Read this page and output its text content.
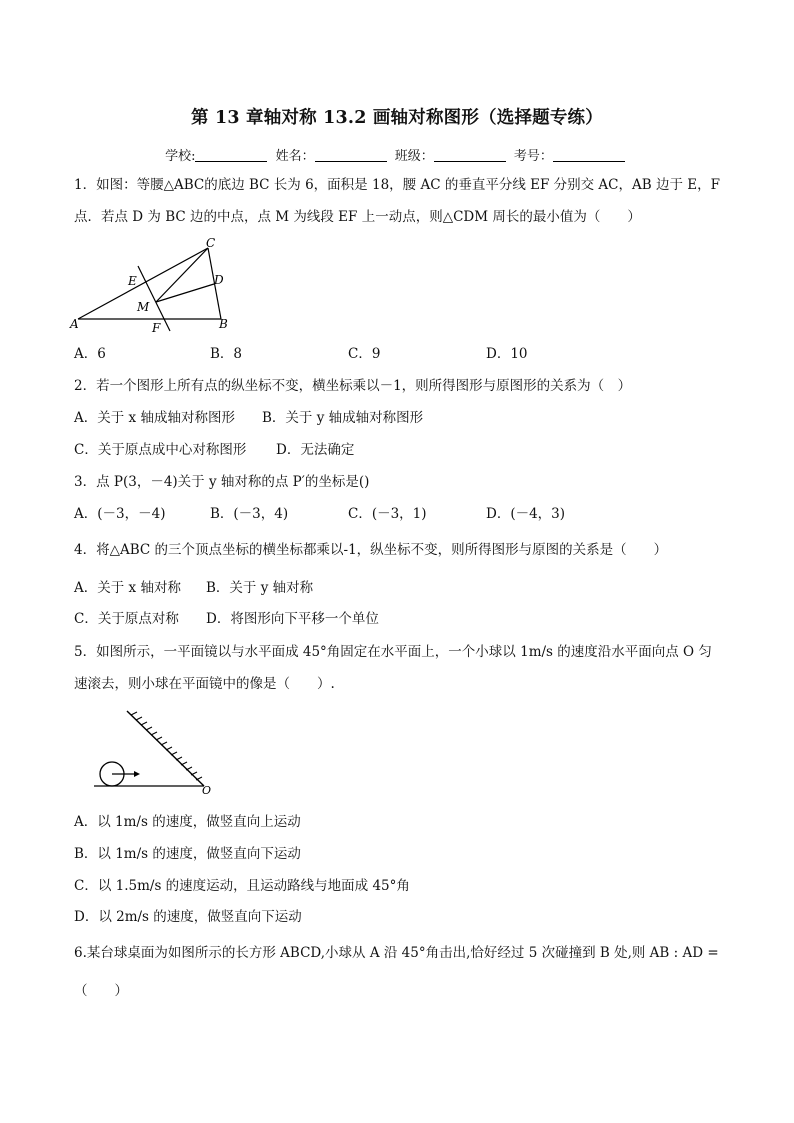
第 13 章轴对称 13.2 画轴对称图形（选择题专练）
学校:	姓名：	班级：	考号：
1．如图：等腰△ABC的底边 BC 长为 6，面积是 18，腰 AC 的垂直平分线 EF 分别交 AC，AB 边于 E，F
点．若点 D 为 BC 边的中点，点 M 为线段 EF 上一动点，则△CDM 周长的最小值为（　　）
A	B
C
D
E
F
M
A．6	B．8	C．9	D．10
2．若一个图形上所有点的纵坐标不变，横坐标乘以－1，则所得图形与原图形的关系为（　）
A．关于 x 轴成轴对称图形 B．关于 y 轴成轴对称图形
C．关于原点成中心对称图形 D．无法确定
3．点 P(3，－4)关于 y 轴对称的点 P′的坐标是()
A．(－3，－4)	B．(－3，4)	C．(－3，1)	D．(－4，3)
4．将△ABC 的三个顶点坐标的横坐标都乘以-1，纵坐标不变，则所得图形与原图的关系是（　　）
A．关于 x 轴对称 B．关于 y 轴对称
C．关于原点对称 D．将图形向下平移一个单位
5．如图所示，一平面镜以与水平面成 45°角固定在水平面上，一个小球以 1m/s 的速度沿水平面向点 O 匀
速滚去，则小球在平面镜中的像是（　　）.
O
A．以 1m/s 的速度，做竖直向上运动
B．以 1m/s 的速度，做竖直向下运动
C．以 1.5m/s 的速度运动，且运动路线与地面成 45°角
D．以 2m/s 的速度，做竖直向下运动
6.某台球桌面为如图所示的长方形 ABCD,小球从 A 沿 45°角击出,恰好经过 5 次碰撞到 B 处,则 AB : AD =
（　　）
